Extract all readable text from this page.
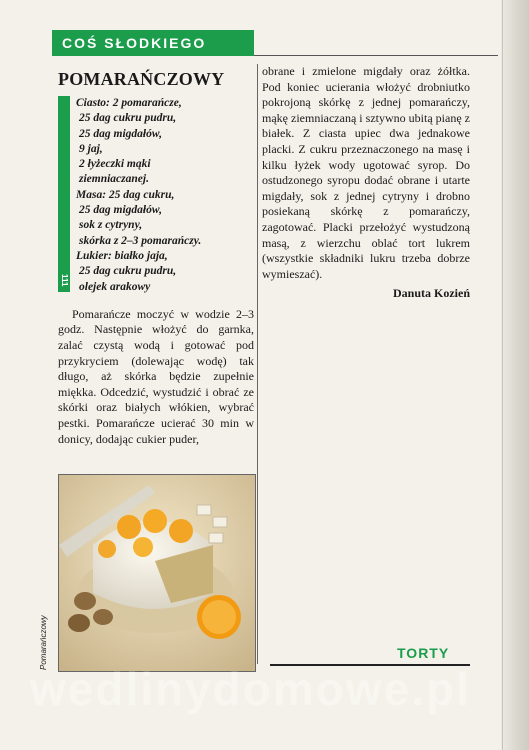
COŚ SŁODKIEGO
POMARAŃCZOWY
111
Ciasto: 2 pomarańcze,
25 dag cukru pudru,
25 dag migdałów,
9 jaj,
2 łyżeczki mąki
ziemniaczanej.
Masa: 25 dag cukru,
25 dag migdałów,
sok z cytryny,
skórka z 2–3 pomarańczy.
Lukier: białko jaja,
25 dag cukru pudru,
olejek arakowy

Pomarańcze moczyć w wodzie 2–3 godz. Następnie włożyć do garnka, zalać czystą wodą i gotować pod przykryciem (dolewając wodę) tak długo, aż skórka będzie zupełnie miękka. Odcedzić, wystudzić i obrać ze skórki oraz białych włókien, wybrać pestki. Pomarańcze ucierać 30 min w donicy, dodając cukier puder,

obrane i zmielone migdały oraz żółtka. Pod koniec ucierania włożyć drobniutko pokrojoną skórkę z jednej pomarańczy, mąkę ziemniaczaną i sztywno ubitą pianę z białek. Z ciasta upiec dwa jednakowe placki. Z cukru przeznaczonego na masę i kilku łyżek wody ugotować syrop. Do ostudzonego syropu dodać obrane i utarte migdały, sok z jednej cytryny i drobno posiekaną skórkę z pomarańczy, zagotować. Placki przełożyć wystudzoną masą, z wierzchu oblać tort lukrem (wszystkie składniki lukru trzeba dobrze wymieszać).

Danuta Kozień
Pomarańczowy	TORTY
wedlinydomowe.pl
